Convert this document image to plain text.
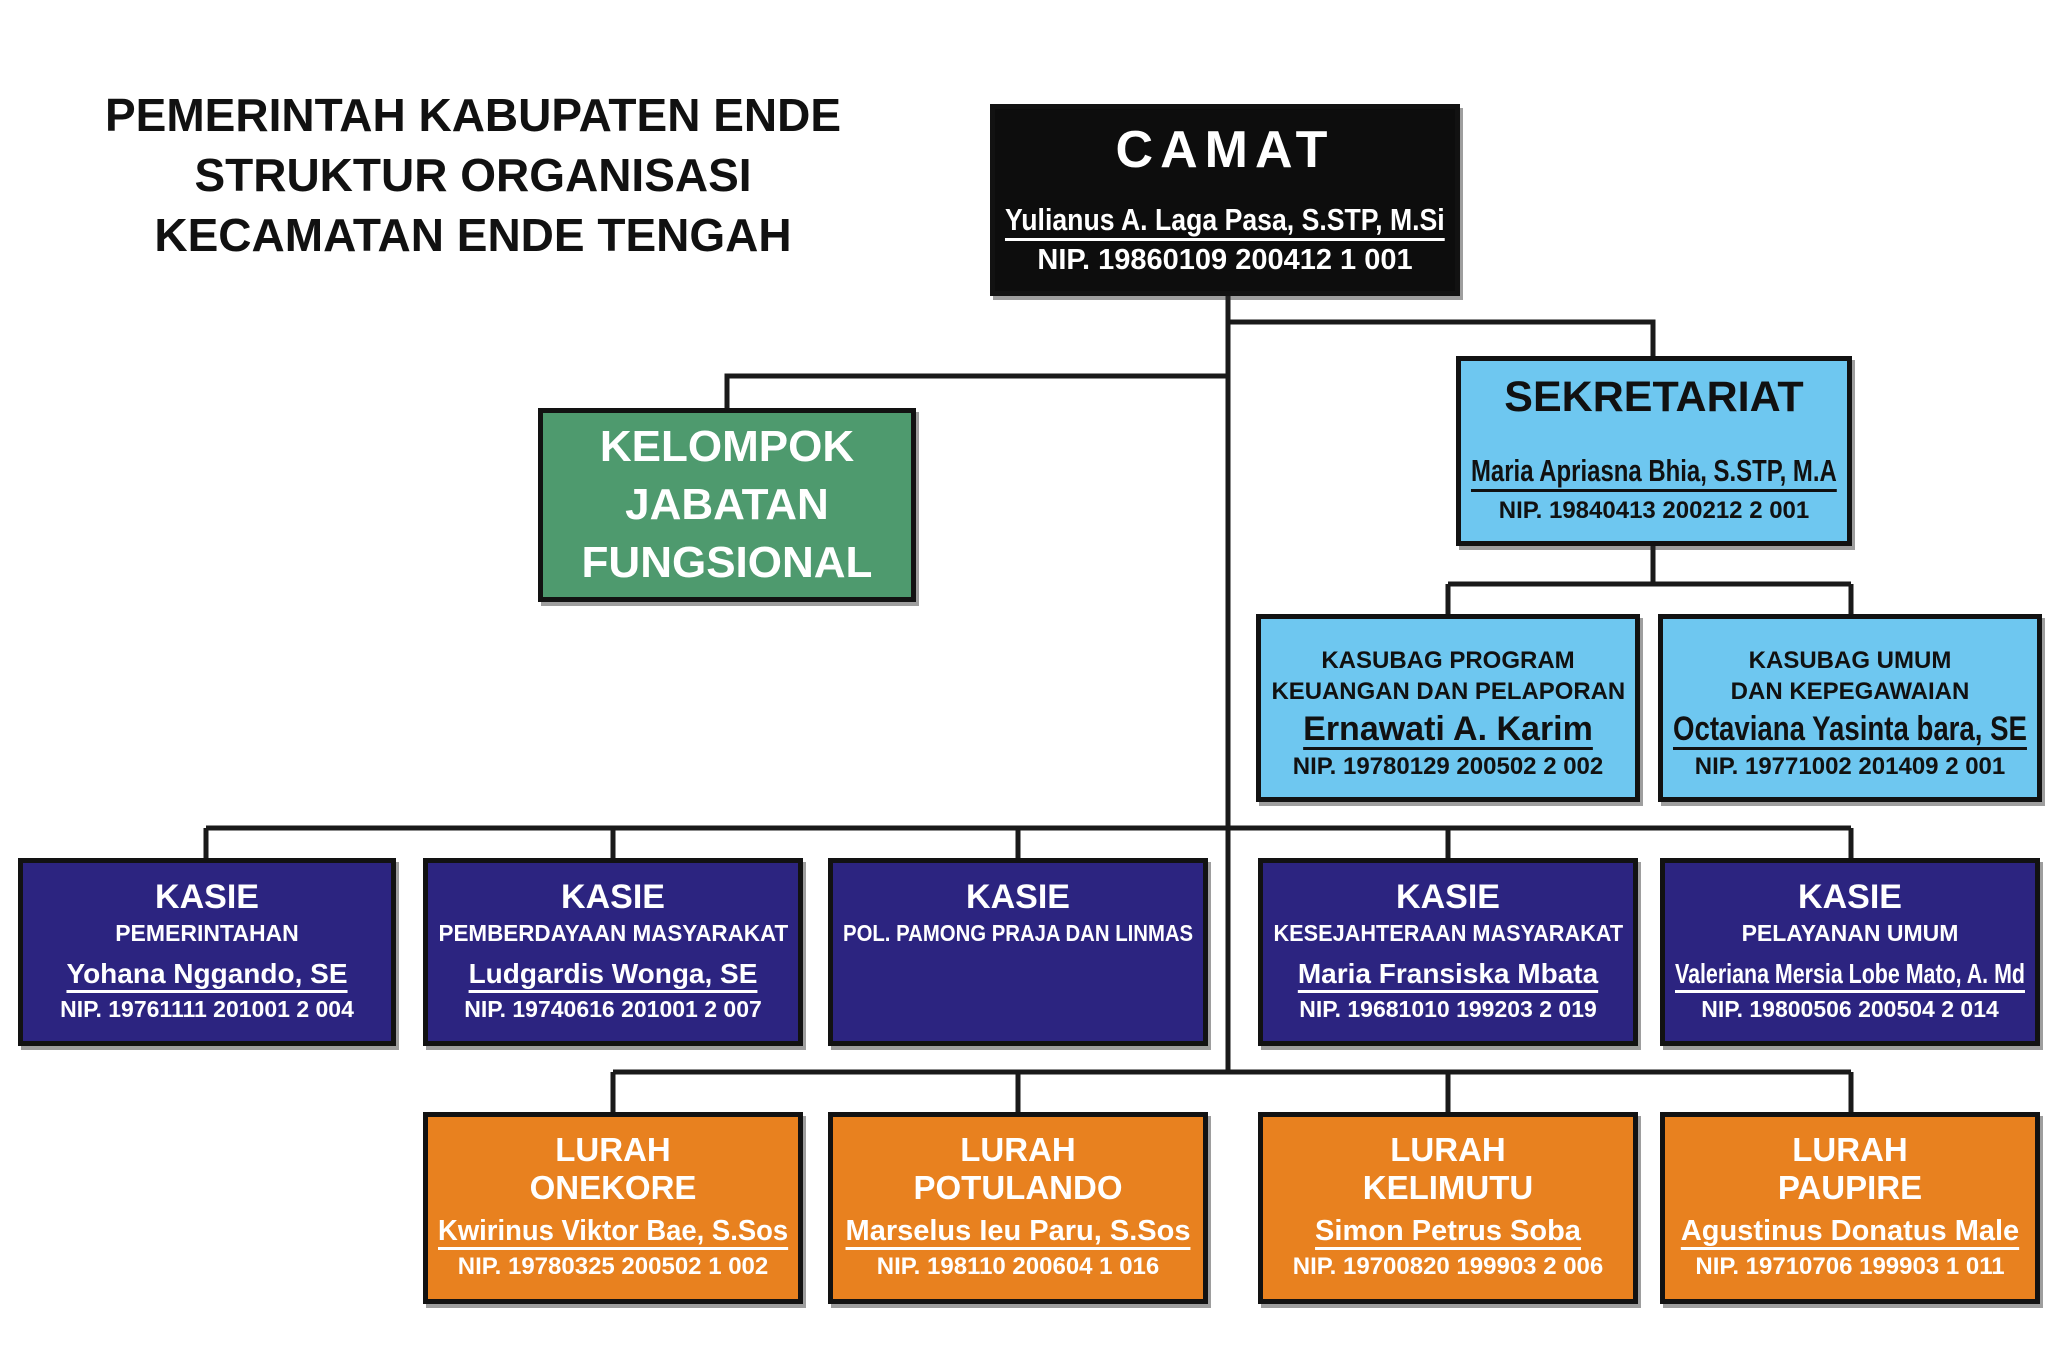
PEMERINTAH KABUPATEN ENDE
STRUKTUR ORGANISASI
KECAMATAN ENDE TENGAH
CAMAT
Yulianus A. Laga Pasa, S.STP, M.Si
NIP. 19860109 200412 1 001
KELOMPOK
JABATAN
FUNGSIONAL
SEKRETARIAT
Maria Apriasna Bhia, S.STP, M.A
NIP. 19840413 200212 2 001
KASUBAG PROGRAM
KEUANGAN DAN PELAPORAN
Ernawati A. Karim
NIP. 19780129 200502 2 002
KASUBAG UMUM
DAN KEPEGAWAIAN
Octaviana Yasinta bara, SE
NIP. 19771002 201409 2 001
KASIE
PEMERINTAHAN
Yohana Nggando, SE
NIP. 19761111 201001 2 004
KASIE
PEMBERDAYAAN MASYARAKAT
Ludgardis Wonga, SE
NIP. 19740616 201001 2 007
KASIE
POL. PAMONG PRAJA DAN LINMAS
KASIE
KESEJAHTERAAN MASYARAKAT
Maria Fransiska Mbata
NIP. 19681010 199203 2 019
KASIE
PELAYANAN UMUM
Valeriana Mersia Lobe Mato, A. Md
NIP. 19800506 200504 2 014
LURAH
ONEKORE
Kwirinus Viktor Bae, S.Sos
NIP. 19780325 200502 1 002
LURAH
POTULANDO
Marselus Ieu Paru, S.Sos
NIP. 198110 200604 1 016
LURAH
KELIMUTU
Simon Petrus Soba
NIP. 19700820 199903 2 006
LURAH
PAUPIRE
Agustinus Donatus Male
NIP. 19710706 199903 1 011
